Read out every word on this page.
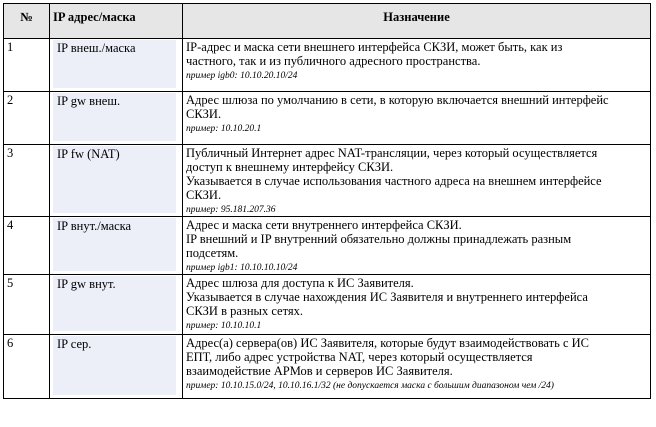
№	IP адрес/маска	Назначение
1	IP внеш./маска	IP-адрес и маска сети внешнего интерфейса СКЗИ, может быть, как из
частного, так и из публичного адресного пространства.
пример igb0: 10.10.20.10/24

2	IP gw внеш.	Адрес шлюза по умолчанию в сети, в которую включается внешний интерфейс
СКЗИ.
пример: 10.10.20.1

3	IP fw (NAT)	Публичный Интернет адрес NAT-трансляции, через который осуществляется
доступ к внешнему интерфейсу СКЗИ.
Указывается в случае использования частного адреса на внешнем интерфейсе
СКЗИ.
пример: 95.181.207.36

4	IP внут./маска	Адрес и маска сети внутреннего интерфейса СКЗИ.
IP внешний и IP внутренний обязательно должны принадлежать разным
подсетям.
пример igb1: 10.10.10.10/24

5	IP gw внут.	Адрес шлюза для доступа к ИС Заявителя.
Указывается в случае нахождения ИС Заявителя и внутреннего интерфейса
СКЗИ в разных сетях.
пример: 10.10.10.1

6	IP сер.	Адрес(а) сервера(ов) ИС Заявителя, которые будут взаимодействовать с ИС
ЕПТ, либо адрес устройства NAT, через который осуществляется
взаимодействие АРМов и серверов ИС Заявителя.
пример: 10.10.15.0/24, 10.10.16.1/32 (не допускается маска с большим диапазоном чем /24)
